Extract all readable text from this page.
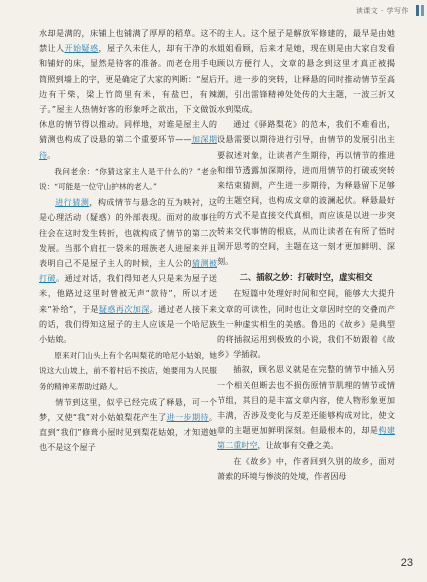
读课文 · 学写作

水却是满的，床铺上也铺满了厚厚的稻草。这不禁让人开始疑惑，屋子久未住人，却有干净的水和铺好的床，显然是待客的准备。而老仓用手电筒照到墙上的字，更是确定了大家的判断：“屋后边有干柴，梁上竹筒里有米，有盐巴，有辣子。”屋主人热情好客的形象呼之欲出，下文做饭休息的情节得以推动。同样地，对谁是屋主人的猜测也构成了设悬的第二个重要环节——加深期待。

我问老余：“你猜这家主人是干什么的？”老余说：“可能是一位守山护林的老人。”

进行猜测，构成情节与悬念的互为映衬，这是心理活动（疑惑）的外部表现。面对的故事往往会在这时发生转折，也就构成了情节的第二次发展。当那个肩扛一袋米的瑶族老人进屋来并且表明自己不是屋子主人的时候，主人公的猜测被打破。通过对话，我们得知老人只是来为屋子送米，他路过这里时曾被无声“款待”，所以才送来“补给”，于是疑惑再次加深。通过老人接下来的话，我们得知这屋子的主人应该是一个哈尼族小姑娘。

原来对门山头上有个名叫梨花的哈尼小姑娘，她说这大山坡上，前不着村后不挨店，她要用为人民服务的精神来帮助过路人。

情节到这里，似乎已经完成了释悬，可一个梦，又使“我”对小姑娘梨花产生了进一步期待。直到“我们”修葺小屋时见到梨花姑娘，才知道她也不是这个屋子

的主人。这个屋子是解放军修建的，最早是由她姐姐看顾，后来才是她，现在则是由大家自发看顾以方便行人，文章的悬念到这里才真正被揭开。进一步的突转，让释悬的同时推动情节至高潮，引出雷锋精神处处传的大主题，一波三折又水到渠成。

通过《驿路梨花》的范本，我们不难看出，设悬需要以期待进行引导，由情节的发展引出主要叙述对象，让读者产生期待，再以情节的推进和细节透露加深期待，进而用情节的打破或突转来结束猜测，产生进一步期待，为释悬留下足够的主题空间，也构成文章的波澜起伏。释悬最好的方式不是直接交代真相，而应该是以进一步突转来交代事情的根底，从而让读者在有所了悟时洞开思考的空间，主题在这一刻才更加鲜明、深刻。

二、插叙之妙：打破时空，虚实相交

在短篇中处理好时间和空间，能够大大提升文章的可读性，同时也让文章因时空的交叠而产生一种虚实相生的美感。鲁迅的《故乡》是典型的将插叙运用到极致的小说，我们不妨跟着《故乡》学插叙。

插叙，顾名思义就是在完整的情节中插入另一个相关但断去也不损伤原情节肌理的情节或情节组，其目的是丰富文章内容，使人物形象更加丰满，否涉及变化与反差还能够构成对比，使文章的主题更加鲜明深刻。但最根本的，却是构建第二重时空，让故事有交叠之美。

在《故乡》中，作者回到久别的故乡，面对萧索的环境与惨淡的处境，作者因母

23
